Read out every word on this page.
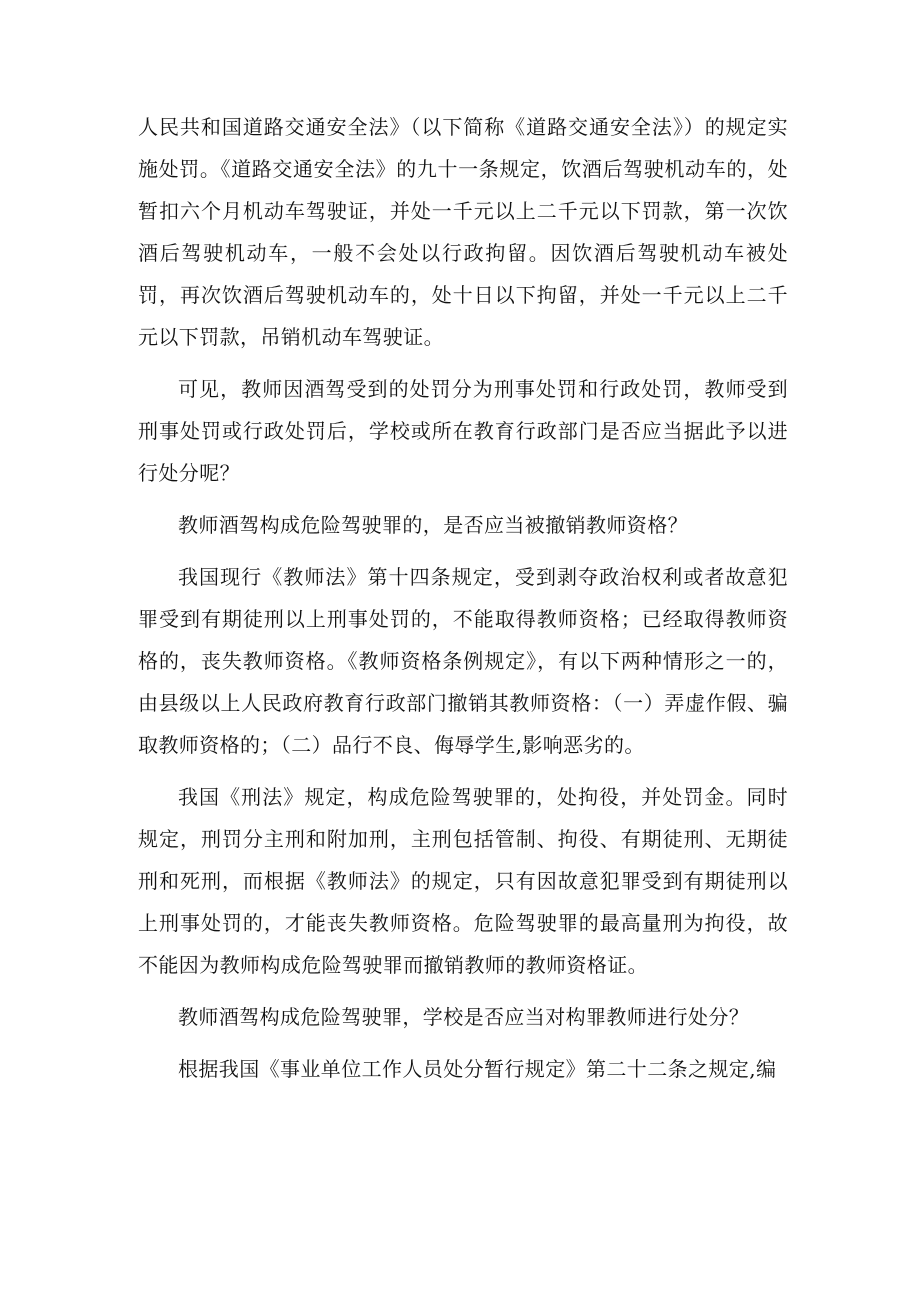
人民共和国道路交通安全法》（以下简称《道路交通安全法》）的规定实施处罚。《道路交通安全法》的九十一条规定，饮酒后驾驶机动车的，处暂扣六个月机动车驾驶证，并处一千元以上二千元以下罚款，第一次饮酒后驾驶机动车，一般不会处以行政拘留。因饮酒后驾驶机动车被处罚，再次饮酒后驾驶机动车的，处十日以下拘留，并处一千元以上二千元以下罚款，吊销机动车驾驶证。

可见，教师因酒驾受到的处罚分为刑事处罚和行政处罚，教师受到刑事处罚或行政处罚后，学校或所在教育行政部门是否应当据此予以进行处分呢？

教师酒驾构成危险驾驶罪的，是否应当被撤销教师资格？

我国现行《教师法》第十四条规定，受到剥夺政治权利或者故意犯罪受到有期徒刑以上刑事处罚的，不能取得教师资格；已经取得教师资格的，丧失教师资格。《教师资格条例规定》，有以下两种情形之一的，由县级以上人民政府教育行政部门撤销其教师资格：（一）弄虚作假、骗取教师资格的；（二）品行不良、侮辱学生,影响恶劣的。

我国《刑法》规定，构成危险驾驶罪的，处拘役，并处罚金。同时规定，刑罚分主刑和附加刑，主刑包括管制、拘役、有期徒刑、无期徒刑和死刑，而根据《教师法》的规定，只有因故意犯罪受到有期徒刑以上刑事处罚的，才能丧失教师资格。危险驾驶罪的最高量刑为拘役，故不能因为教师构成危险驾驶罪而撤销教师的教师资格证。

教师酒驾构成危险驾驶罪，学校是否应当对构罪教师进行处分？

根据我国《事业单位工作人员处分暂行规定》第二十二条之规定,编
